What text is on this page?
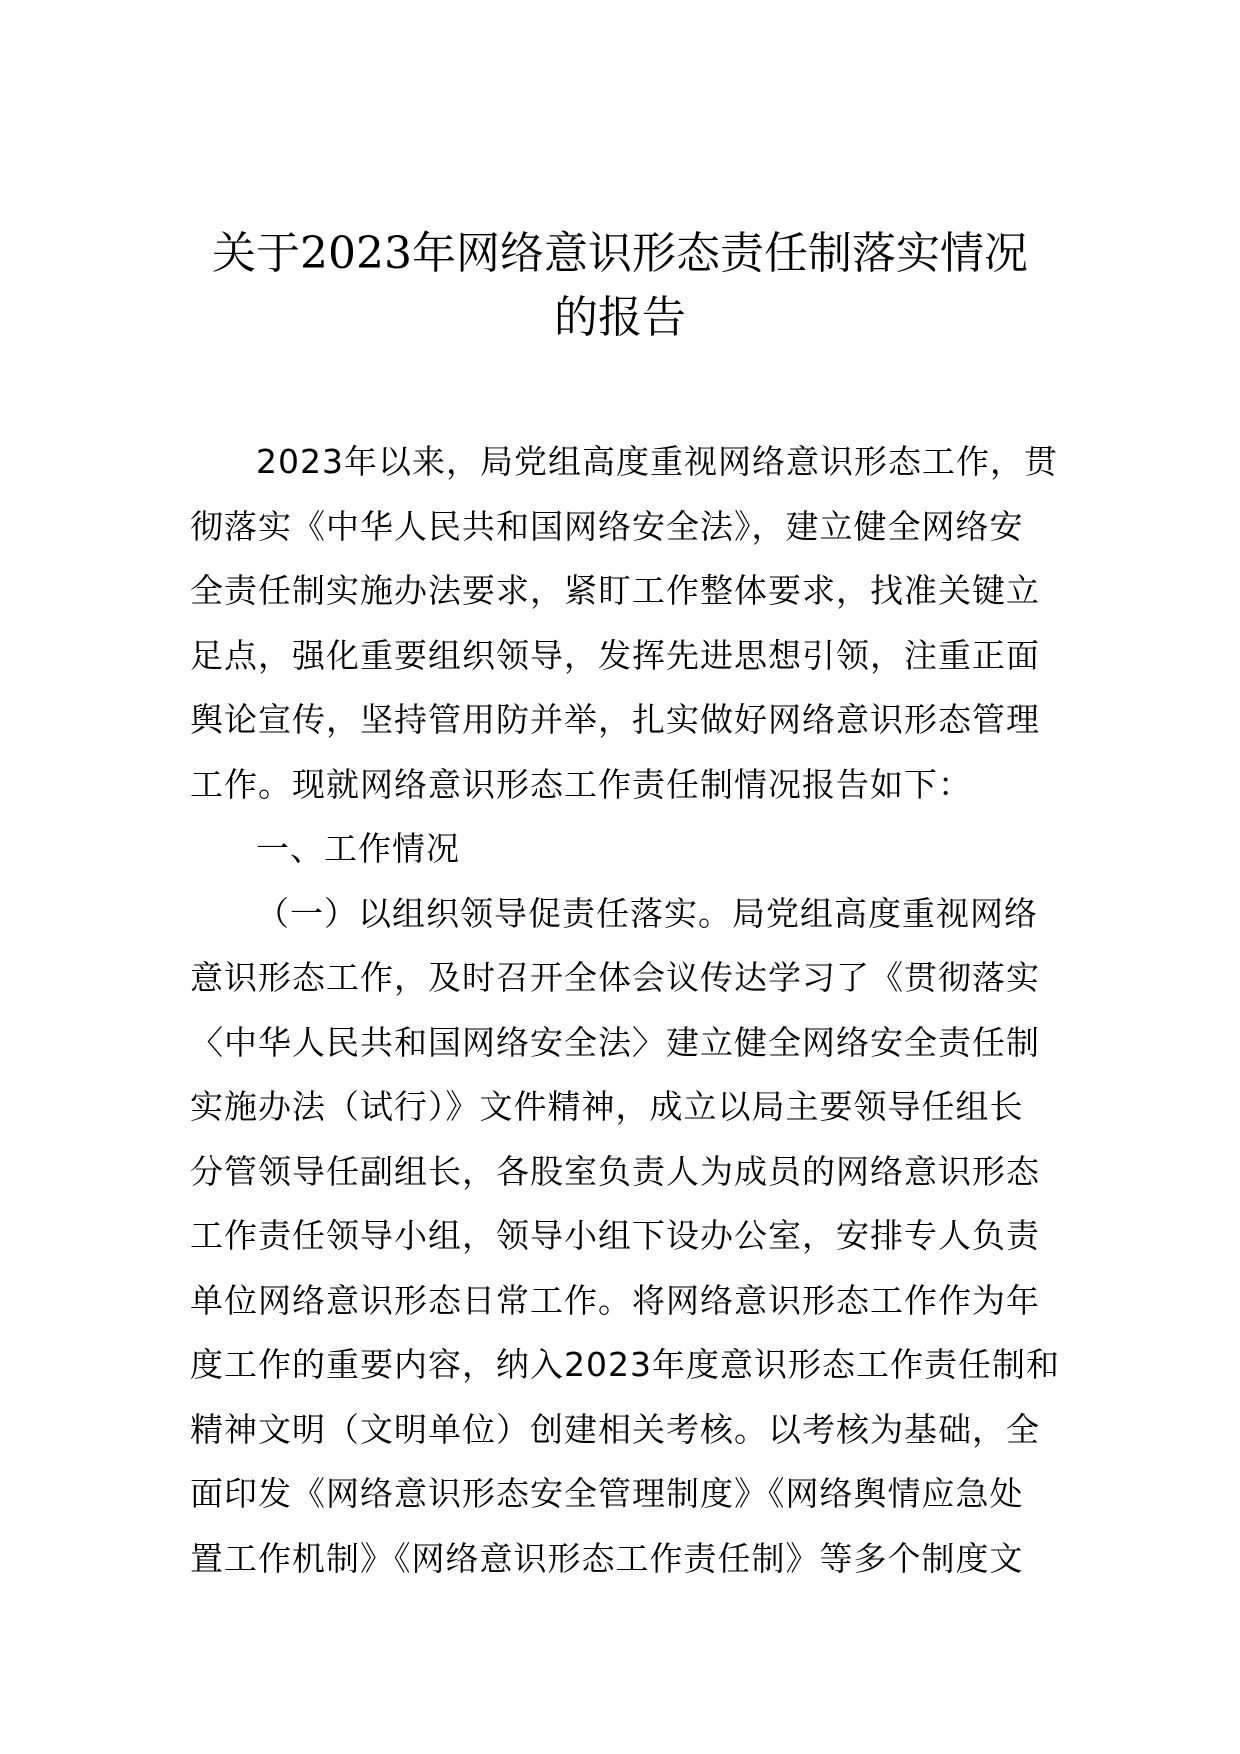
关于2023年网络意识形态责任制落实情况
的报告
2023年以来，局党组高度重视网络意识形态工作，贯
彻落实《中华人民共和国网络安全法》，建立健全网络安
全责任制实施办法要求，紧盯工作整体要求，找准关键立
足点，强化重要组织领导，发挥先进思想引领，注重正面
舆论宣传，坚持管用防并举，扎实做好网络意识形态管理
工作。现就网络意识形态工作责任制情况报告如下：
一、工作情况
（一）以组织领导促责任落实。局党组高度重视网络
意识形态工作，及时召开全体会议传达学习了《贯彻落实
〈中华人民共和国网络安全法〉建立健全网络安全责任制
实施办法（试行）》文件精神，成立以局主要领导任组长
分管领导任副组长，各股室负责人为成员的网络意识形态
工作责任领导小组，领导小组下设办公室，安排专人负责
单位网络意识形态日常工作。将网络意识形态工作作为年
度工作的重要内容，纳入2023年度意识形态工作责任制和
精神文明（文明单位）创建相关考核。以考核为基础，全
面印发《网络意识形态安全管理制度》《网络舆情应急处
置工作机制》《网络意识形态工作责任制》等多个制度文
